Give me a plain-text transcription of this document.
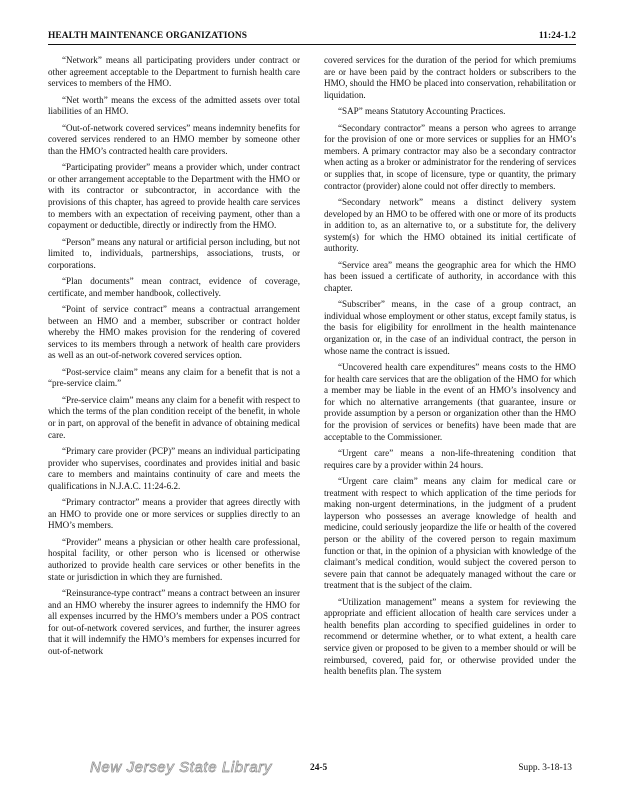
HEALTH MAINTENANCE ORGANIZATIONS	11:24-1.2

“Network” means all participating providers under contract or other agreement acceptable to the Department to furnish health care services to members of the HMO.

“Net worth” means the excess of the admitted assets over total liabilities of an HMO.

“Out-of-network covered services” means indemnity benefits for covered services rendered to an HMO member by someone other than the HMO’s contracted health care providers.

“Participating provider” means a provider which, under contract or other arrangement acceptable to the Department with the HMO or with its contractor or subcontractor, in accordance with the provisions of this chapter, has agreed to provide health care services to members with an expectation of receiving payment, other than a copayment or deductible, directly or indirectly from the HMO.

“Person” means any natural or artificial person including, but not limited to, individuals, partnerships, associations, trusts, or corporations.

“Plan documents” mean contract, evidence of coverage, certificate, and member handbook, collectively.

“Point of service contract” means a contractual arrangement between an HMO and a member, subscriber or contract holder whereby the HMO makes provision for the rendering of covered services to its members through a network of health care providers as well as an out-of-network covered services option.

“Post-service claim” means any claim for a benefit that is not a “pre-service claim.”

“Pre-service claim” means any claim for a benefit with respect to which the terms of the plan condition receipt of the benefit, in whole or in part, on approval of the benefit in advance of obtaining medical care.

“Primary care provider (PCP)” means an individual participating provider who supervises, coordinates and provides initial and basic care to members and maintains continuity of care and meets the qualifications in N.J.A.C. 11:24-6.2.

“Primary contractor” means a provider that agrees directly with an HMO to provide one or more services or supplies directly to an HMO’s members.

“Provider” means a physician or other health care professional, hospital facility, or other person who is licensed or otherwise authorized to provide health care services or other benefits in the state or jurisdiction in which they are furnished.

“Reinsurance-type contract” means a contract between an insurer and an HMO whereby the insurer agrees to indemnify the HMO for all expenses incurred by the HMO’s members under a POS contract for out-of-network covered services, and further, the insurer agrees that it will indemnify the HMO’s members for expenses incurred for out-of-network

covered services for the duration of the period for which premiums are or have been paid by the contract holders or subscribers to the HMO, should the HMO be placed into conservation, rehabilitation or liquidation.

“SAP” means Statutory Accounting Practices.

“Secondary contractor” means a person who agrees to arrange for the provision of one or more services or supplies for an HMO’s members. A primary contractor may also be a secondary contractor when acting as a broker or administrator for the rendering of services or supplies that, in scope of licensure, type or quantity, the primary contractor (provider) alone could not offer directly to members.

“Secondary network” means a distinct delivery system developed by an HMO to be offered with one or more of its products in addition to, as an alternative to, or a substitute for, the delivery system(s) for which the HMO obtained its initial certificate of authority.

“Service area” means the geographic area for which the HMO has been issued a certificate of authority, in accordance with this chapter.

“Subscriber” means, in the case of a group contract, an individual whose employment or other status, except family status, is the basis for eligibility for enrollment in the health maintenance organization or, in the case of an individual contract, the person in whose name the contract is issued.

“Uncovered health care expenditures” means costs to the HMO for health care services that are the obligation of the HMO for which a member may be liable in the event of an HMO’s insolvency and for which no alternative arrangements (that guarantee, insure or provide assumption by a person or organization other than the HMO for the provision of services or benefits) have been made that are acceptable to the Commissioner.

“Urgent care” means a non-life-threatening condition that requires care by a provider within 24 hours.

“Urgent care claim” means any claim for medical care or treatment with respect to which application of the time periods for making non-urgent determinations, in the judgment of a prudent layperson who possesses an average knowledge of health and medicine, could seriously jeopardize the life or health of the covered person or the ability of the covered person to regain maximum function or that, in the opinion of a physician with knowledge of the claimant’s medical condition, would subject the covered person to severe pain that cannot be adequately managed without the care or treatment that is the subject of the claim.

“Utilization management” means a system for reviewing the appropriate and efficient allocation of health care services under a health benefits plan according to specified guidelines in order to recommend or determine whether, or to what extent, a health care service given or proposed to be given to a member should or will be reimbursed, covered, paid for, or otherwise provided under the health benefits plan. The system

New Jersey State Library	24-5	Supp. 3-18-13
